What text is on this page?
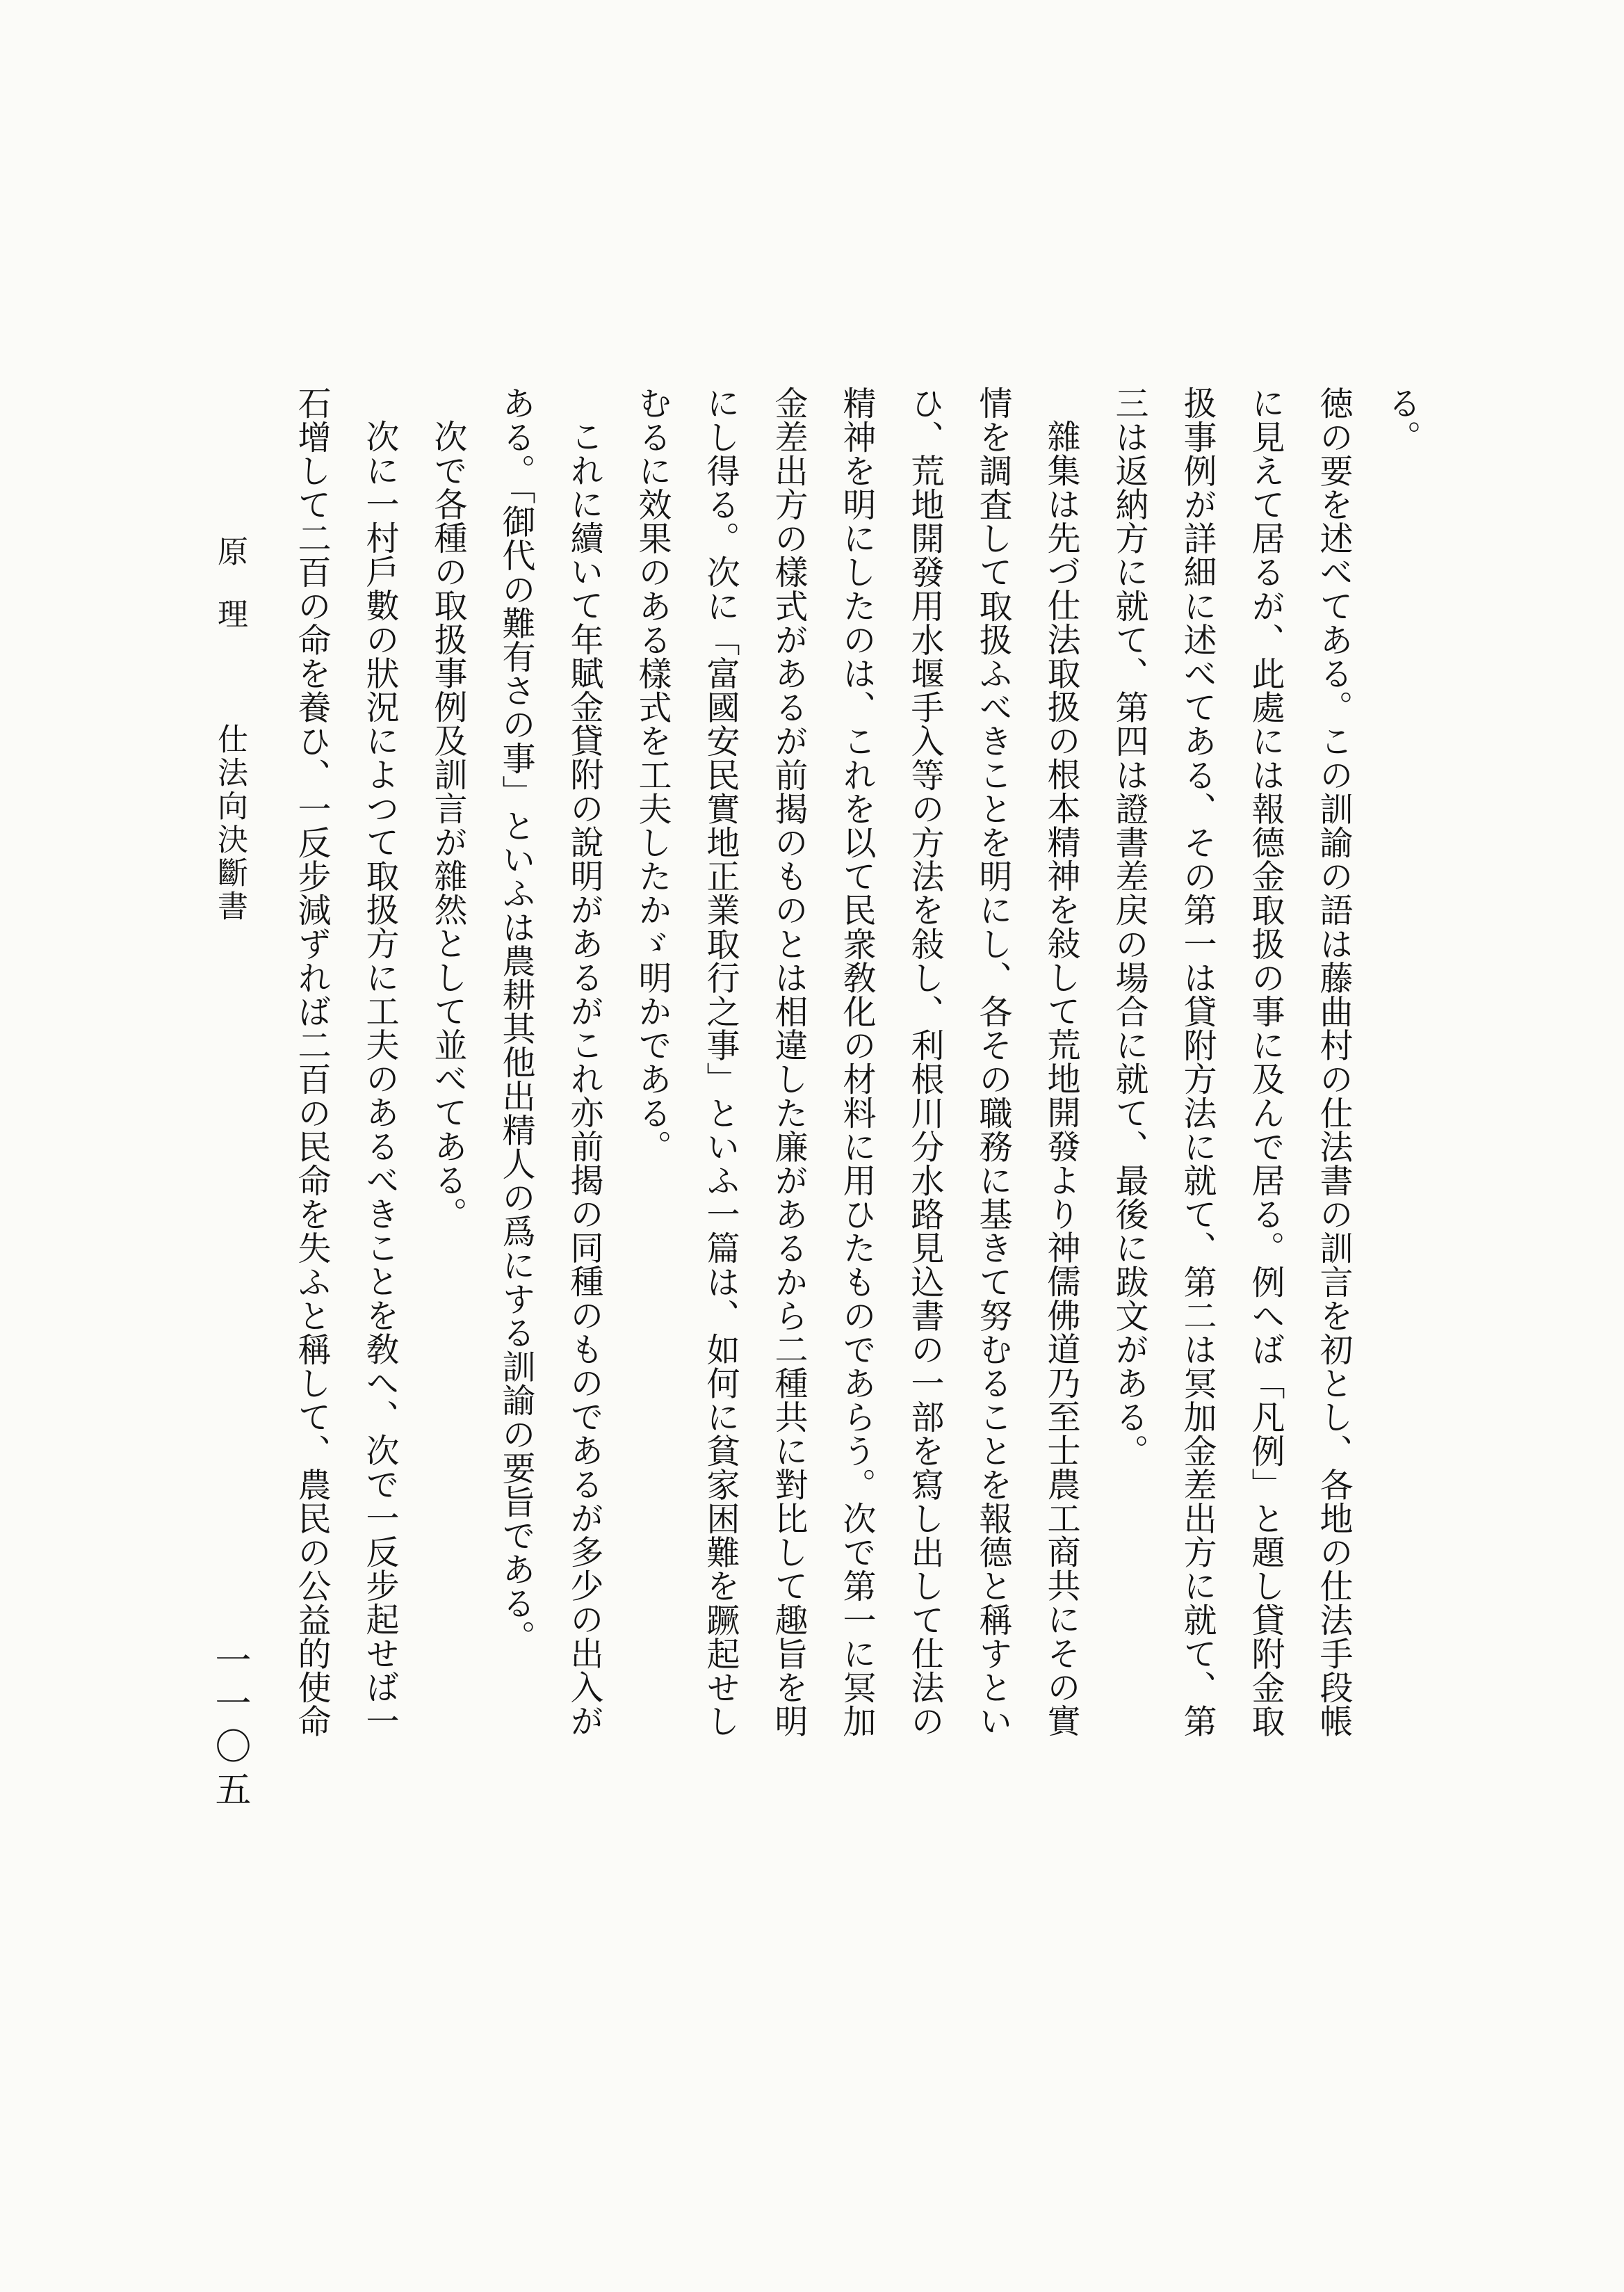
る。

徳の要を述べてある。この訓諭の語は藤曲村の仕法書の訓言を初とし、各地の仕法手段帳に見えて居るが、此處には報德金取扱の事に及んで居る。例へば「凡例」と題し貸附金取扱事例が詳細に述べてある、その第一は貸附方法に就て、第二は冥加金差出方に就て、第三は返納方に就て、第四は證書差戻の場合に就て、最後に跋文がある。

雜集は先づ仕法取扱の根本精神を敍して荒地開發より神儒佛道乃至士農工商共にその實情を調査して取扱ふべきことを明にし、各その職務に基きて努むることを報德と稱すといひ、荒地開發用水堰手入等の方法を敍し、利根川分水路見込書の一部を寫し出して仕法の精神を明にしたのは、これを以て民衆敎化の材料に用ひたものであらう。次で第一に冥加金差出方の樣式があるが前揭のものとは相違した廉があるから二種共に對比して趣旨を明にし得る。次に「富國安民實地正業取行之事」といふ一篇は、如何に貧家困難を蹶起せしむるに效果のある樣式を工夫したかゞ明かである。

これに續いて年賦金貸附の說明があるがこれ亦前揭の同種のものであるが多少の出入がある。「御代の難有さの事」といふは農耕其他出精人の爲にする訓諭の要旨である。

次で各種の取扱事例及訓言が雜然として並べてある。

次に一村戶數の狀況によつて取扱方に工夫のあるべきことを敎へ、次で一反步起せば一石增して二百の命を養ひ、一反步減ずれば二百の民命を失ふと稱して、農民の公益的使命

原理仕法向決斷書
一一〇五
